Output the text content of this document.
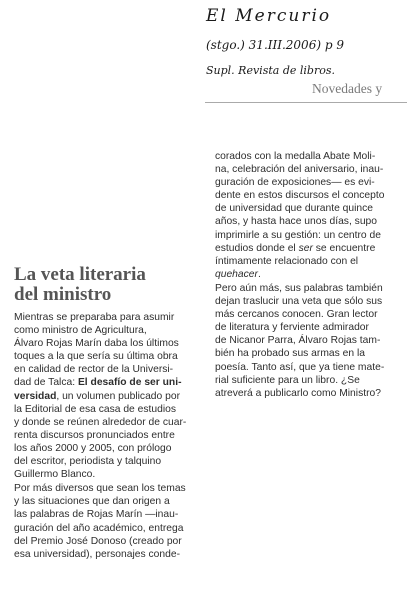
El Mercurio
(stgo.) 31.III.2006) p 9
Supl. Revista de libros.
Novedades y
La veta literaria
del ministro
Mientras se preparaba para asumir
como ministro de Agricultura,
Álvaro Rojas Marín daba los últimos
toques a la que sería su última obra
en calidad de rector de la Universi-
dad de Talca: El desafío de ser uni-
versidad, un volumen publicado por
la Editorial de esa casa de estudios
y donde se reúnen alrededor de cuar-
renta discursos pronunciados entre
los años 2000 y 2005, con prólogo
del escritor, periodista y talquino
Guillermo Blanco.
Por más diversos que sean los temas
y las situaciones que dan origen a
las palabras de Rojas Marín —inau-
guración del año académico, entrega
del Premio José Donoso (creado por
esa universidad), personajes conde-
corados con la medalla Abate Moli-
na, celebración del aniversario, inau-
guración de exposiciones— es evi-
dente en estos discursos el concepto
de universidad que durante quince
años, y hasta hace unos días, supo
imprimirle a su gestión: un centro de
estudios donde el ser se encuentre
íntimamente relacionado con el
quehacer.
Pero aún más, sus palabras también
dejan traslucir una veta que sólo sus
más cercanos conocen. Gran lector
de literatura y ferviente admirador
de Nicanor Parra, Álvaro Rojas tam-
bién ha probado sus armas en la
poesía. Tanto así, que ya tiene mate-
rial suficiente para un libro. ¿Se
atreverá a publicarlo como Ministro?
